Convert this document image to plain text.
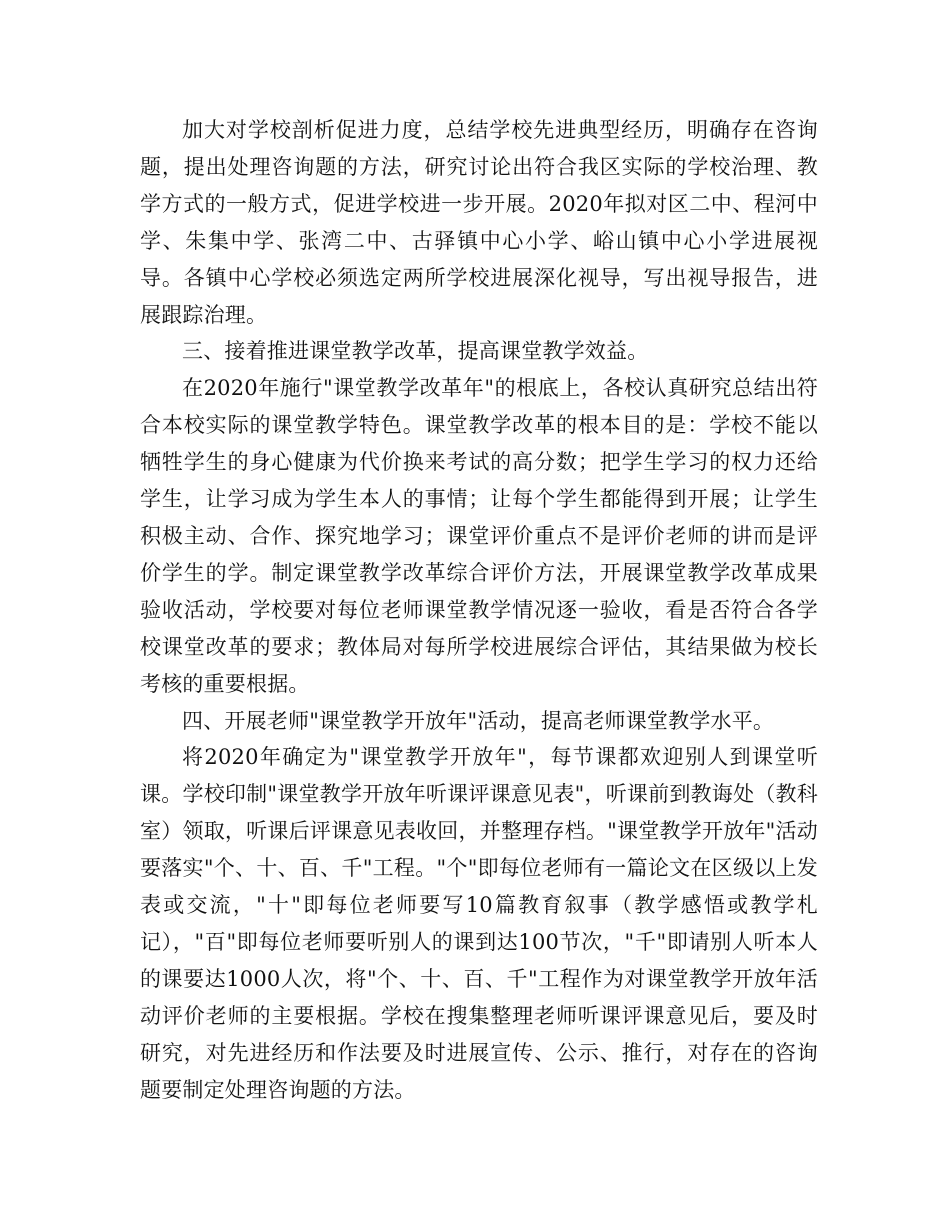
加大对学校剖析促进力度，总结学校先进典型经历，明确存在咨询题，提出处理咨询题的方法，研究讨论出符合我区实际的学校治理、教学方式的一般方式，促进学校进一步开展。2020年拟对区二中、程河中学、朱集中学、张湾二中、古驿镇中心小学、峪山镇中心小学进展视导。各镇中心学校必须选定两所学校进展深化视导，写出视导报告，进展跟踪治理。

三、接着推进课堂教学改革，提高课堂教学效益。

在2020年施行"课堂教学改革年"的根底上，各校认真研究总结出符合本校实际的课堂教学特色。课堂教学改革的根本目的是：学校不能以牺牲学生的身心健康为代价换来考试的高分数；把学生学习的权力还给学生，让学习成为学生本人的事情；让每个学生都能得到开展；让学生积极主动、合作、探究地学习；课堂评价重点不是评价老师的讲而是评价学生的学。制定课堂教学改革综合评价方法，开展课堂教学改革成果验收活动，学校要对每位老师课堂教学情况逐一验收，看是否符合各学校课堂改革的要求；教体局对每所学校进展综合评估，其结果做为校长考核的重要根据。

四、开展老师"课堂教学开放年"活动，提高老师课堂教学水平。

将2020年确定为"课堂教学开放年"，每节课都欢迎别人到课堂听课。学校印制"课堂教学开放年听课评课意见表"，听课前到教诲处（教科室）领取，听课后评课意见表收回，并整理存档。"课堂教学开放年"活动要落实"个、十、百、千"工程。"个"即每位老师有一篇论文在区级以上发表或交流，"十"即每位老师要写10篇教育叙事（教学感悟或教学札记），"百"即每位老师要听别人的课到达100节次，"千"即请别人听本人的课要达1000人次，将"个、十、百、千"工程作为对课堂教学开放年活动评价老师的主要根据。学校在搜集整理老师听课评课意见后，要及时研究，对先进经历和作法要及时进展宣传、公示、推行，对存在的咨询题要制定处理咨询题的方法。
